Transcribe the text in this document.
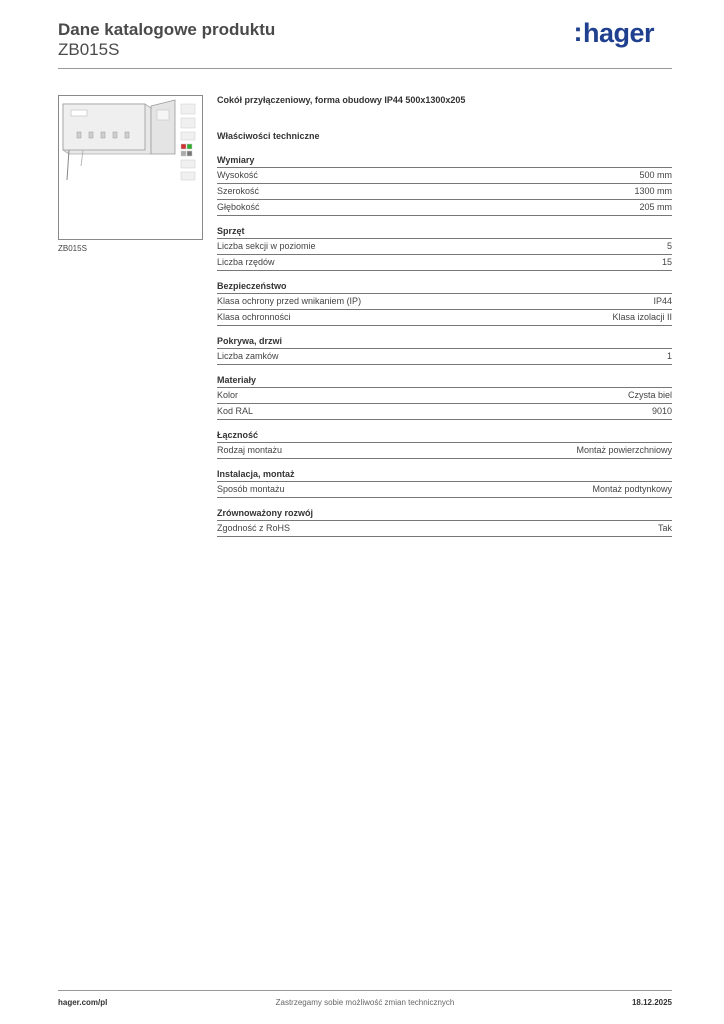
Dane katalogowe produktu
ZB015S
:hager
ZB015S
Cokół przyłączeniowy, forma obudowy IP44 500x1300x205
Właściwości techniczne
Wymiary
Wysokość	500 mm
Szerokość	1300 mm
Głębokość	205 mm
Sprzęt
Liczba sekcji w poziomie	5
Liczba rzędów	15
Bezpieczeństwo
Klasa ochrony przed wnikaniem (IP)	IP44
Klasa ochronności	Klasa izolacji II
Pokrywa, drzwi
Liczba zamków	1
Materiały
Kolor	Czysta biel
Kod RAL	9010
Łączność
Rodzaj montażu	Montaż powierzchniowy
Instalacja, montaż
Sposób montażu	Montaż podtynkowy
Zrównoważony rozwój
Zgodność z RoHS	Tak
hager.com/pl	Zastrzegamy sobie możliwość zmian technicznych	18.12.2025
